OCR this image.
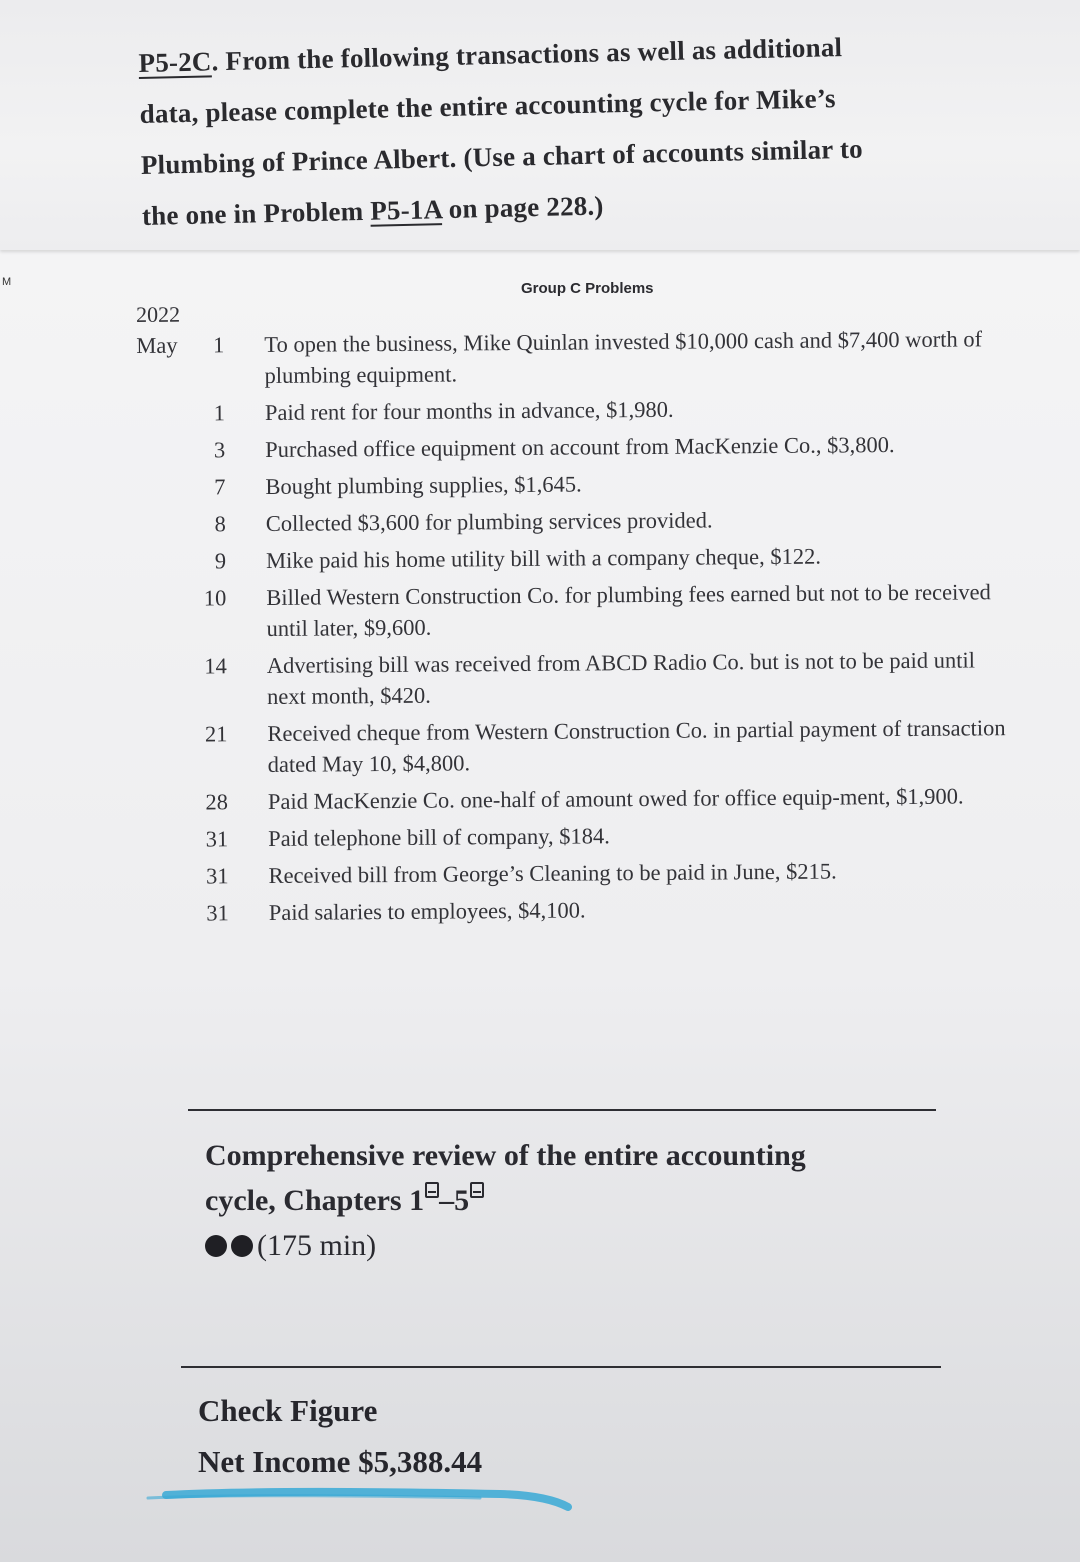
M
P5-2C. From the following transactions as well as additional
data, please complete the entire accounting cycle for Mike’s
Plumbing of Prince Albert. (Use a chart of accounts similar to
the one in Problem P5-1A on page 228.)
Group C Problems
2022
May	1 To open the business, Mike Quinlan invested $10,000 cash and $7,400 worth of plumbing equipment.
1 Paid rent for four months in advance, $1,980.
3 Purchased office equipment on account from MacKenzie Co., $3,800.
7 Bought plumbing supplies, $1,645.
8 Collected $3,600 for plumbing services provided.
9 Mike paid his home utility bill with a company cheque, $122.
10 Billed Western Construction Co. for plumbing fees earned but not to be received until later, $9,600.
14 Advertising bill was received from ABCD Radio Co. but is not to be paid until next month, $420.
21 Received cheque from Western Construction Co. in partial payment of transaction dated May 10, $4,800.
28 Paid MacKenzie Co. one-half of amount owed for office equip-ment, $1,900.
31 Paid telephone bill of company, $184.
31 Received bill from George’s Cleaning to be paid in June, $215.
31 Paid salaries to employees, $4,100.
Comprehensive review of the entire accounting
cycle, Chapters 1 –5
(175 min)
Check Figure
Net Income $5,388.44
